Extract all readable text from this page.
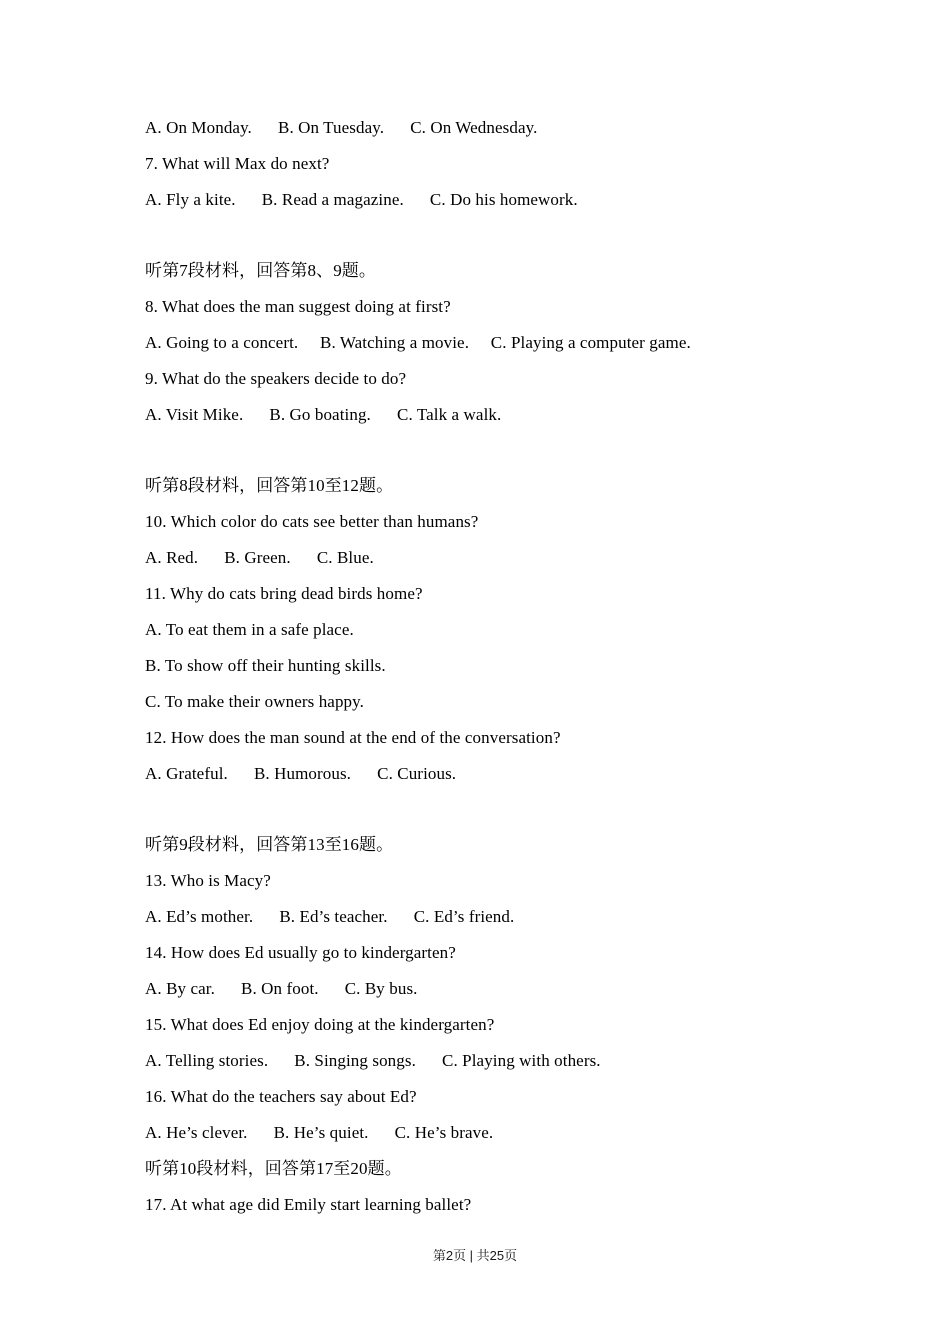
A. On Monday.      B. On Tuesday.      C. On Wednesday.
7. What will Max do next?
A. Fly a kite.      B. Read a magazine.      C. Do his homework.
听第7段材料，回答第8、9题。
8. What does the man suggest doing at first?
A. Going to a concert.     B. Watching a movie.     C. Playing a computer game.
9. What do the speakers decide to do?
A. Visit Mike.      B. Go boating.      C. Talk a walk.
听第8段材料，回答第10至12题。
10. Which color do cats see better than humans?
A. Red.      B. Green.      C. Blue.
11. Why do cats bring dead birds home?
A. To eat them in a safe place.
B. To show off their hunting skills.
C. To make their owners happy.
12. How does the man sound at the end of the conversation?
A. Grateful.      B. Humorous.      C. Curious.
听第9段材料，回答第13至16题。
13. Who is Macy?
A. Ed’s mother.      B. Ed’s teacher.      C. Ed’s friend.
14. How does Ed usually go to kindergarten?
A. By car.      B. On foot.      C. By bus.
15. What does Ed enjoy doing at the kindergarten?
A. Telling stories.      B. Singing songs.      C. Playing with others.
16. What do the teachers say about Ed?
A. He’s clever.      B. He’s quiet.      C. He’s brave.
听第10段材料，回答第17至20题。
17. At what age did Emily start learning ballet?
第2页 | 共25页
